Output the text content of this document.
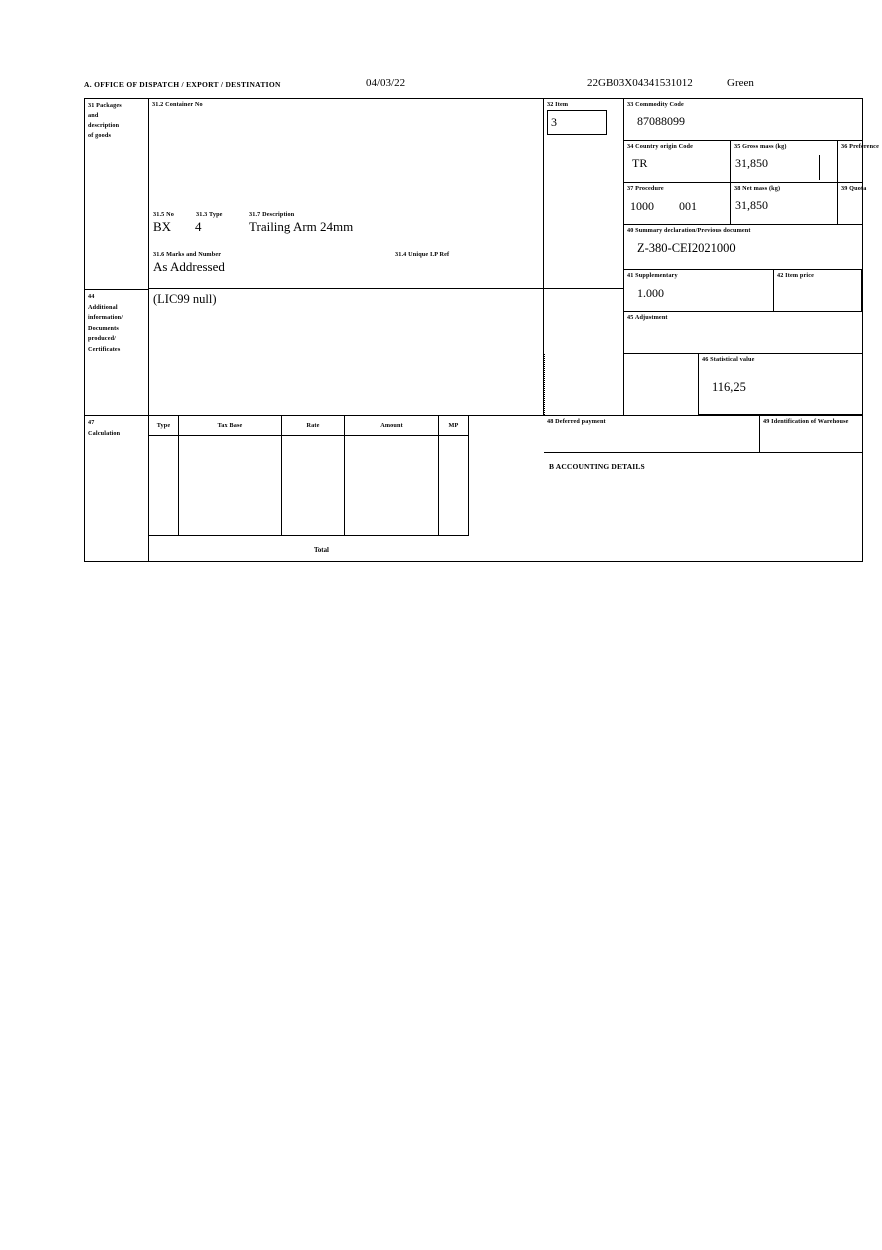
A. OFFICE OF DISPATCH / EXPORT / DESTINATION	04/03/22	22GB03X04341531012	Green
31 Packages
and
description
of goods
31.2 Container No
31.5 No	31.3 Type	31.7 Description
BX 4	Trailing Arm 24mm
31.6 Marks and Number	31.4 Unique I.P Ref
As Addressed
32 Item
3
33 Commodity Code
87088099
34 Country origin Code
TR
35 Gross mass (kg)
31,850
36 Preference
37 Procedure
1000 001
38 Net mass (kg)
31,850
39 Quota
40 Summary declaration/Previous document
Z-380-CEI2021000
41 Supplementary
1.000
42 Item price
44
Additional
information/
Documents
produced/
Certificates
(LIC99 null)
45 Adjustment
46 Statistical value
116,25
47
Calculation
Type	Tax Base	Rate	Amount	MP
Total
48 Deferred payment	49 Identification of Warehouse
B ACCOUNTING DETAILS
